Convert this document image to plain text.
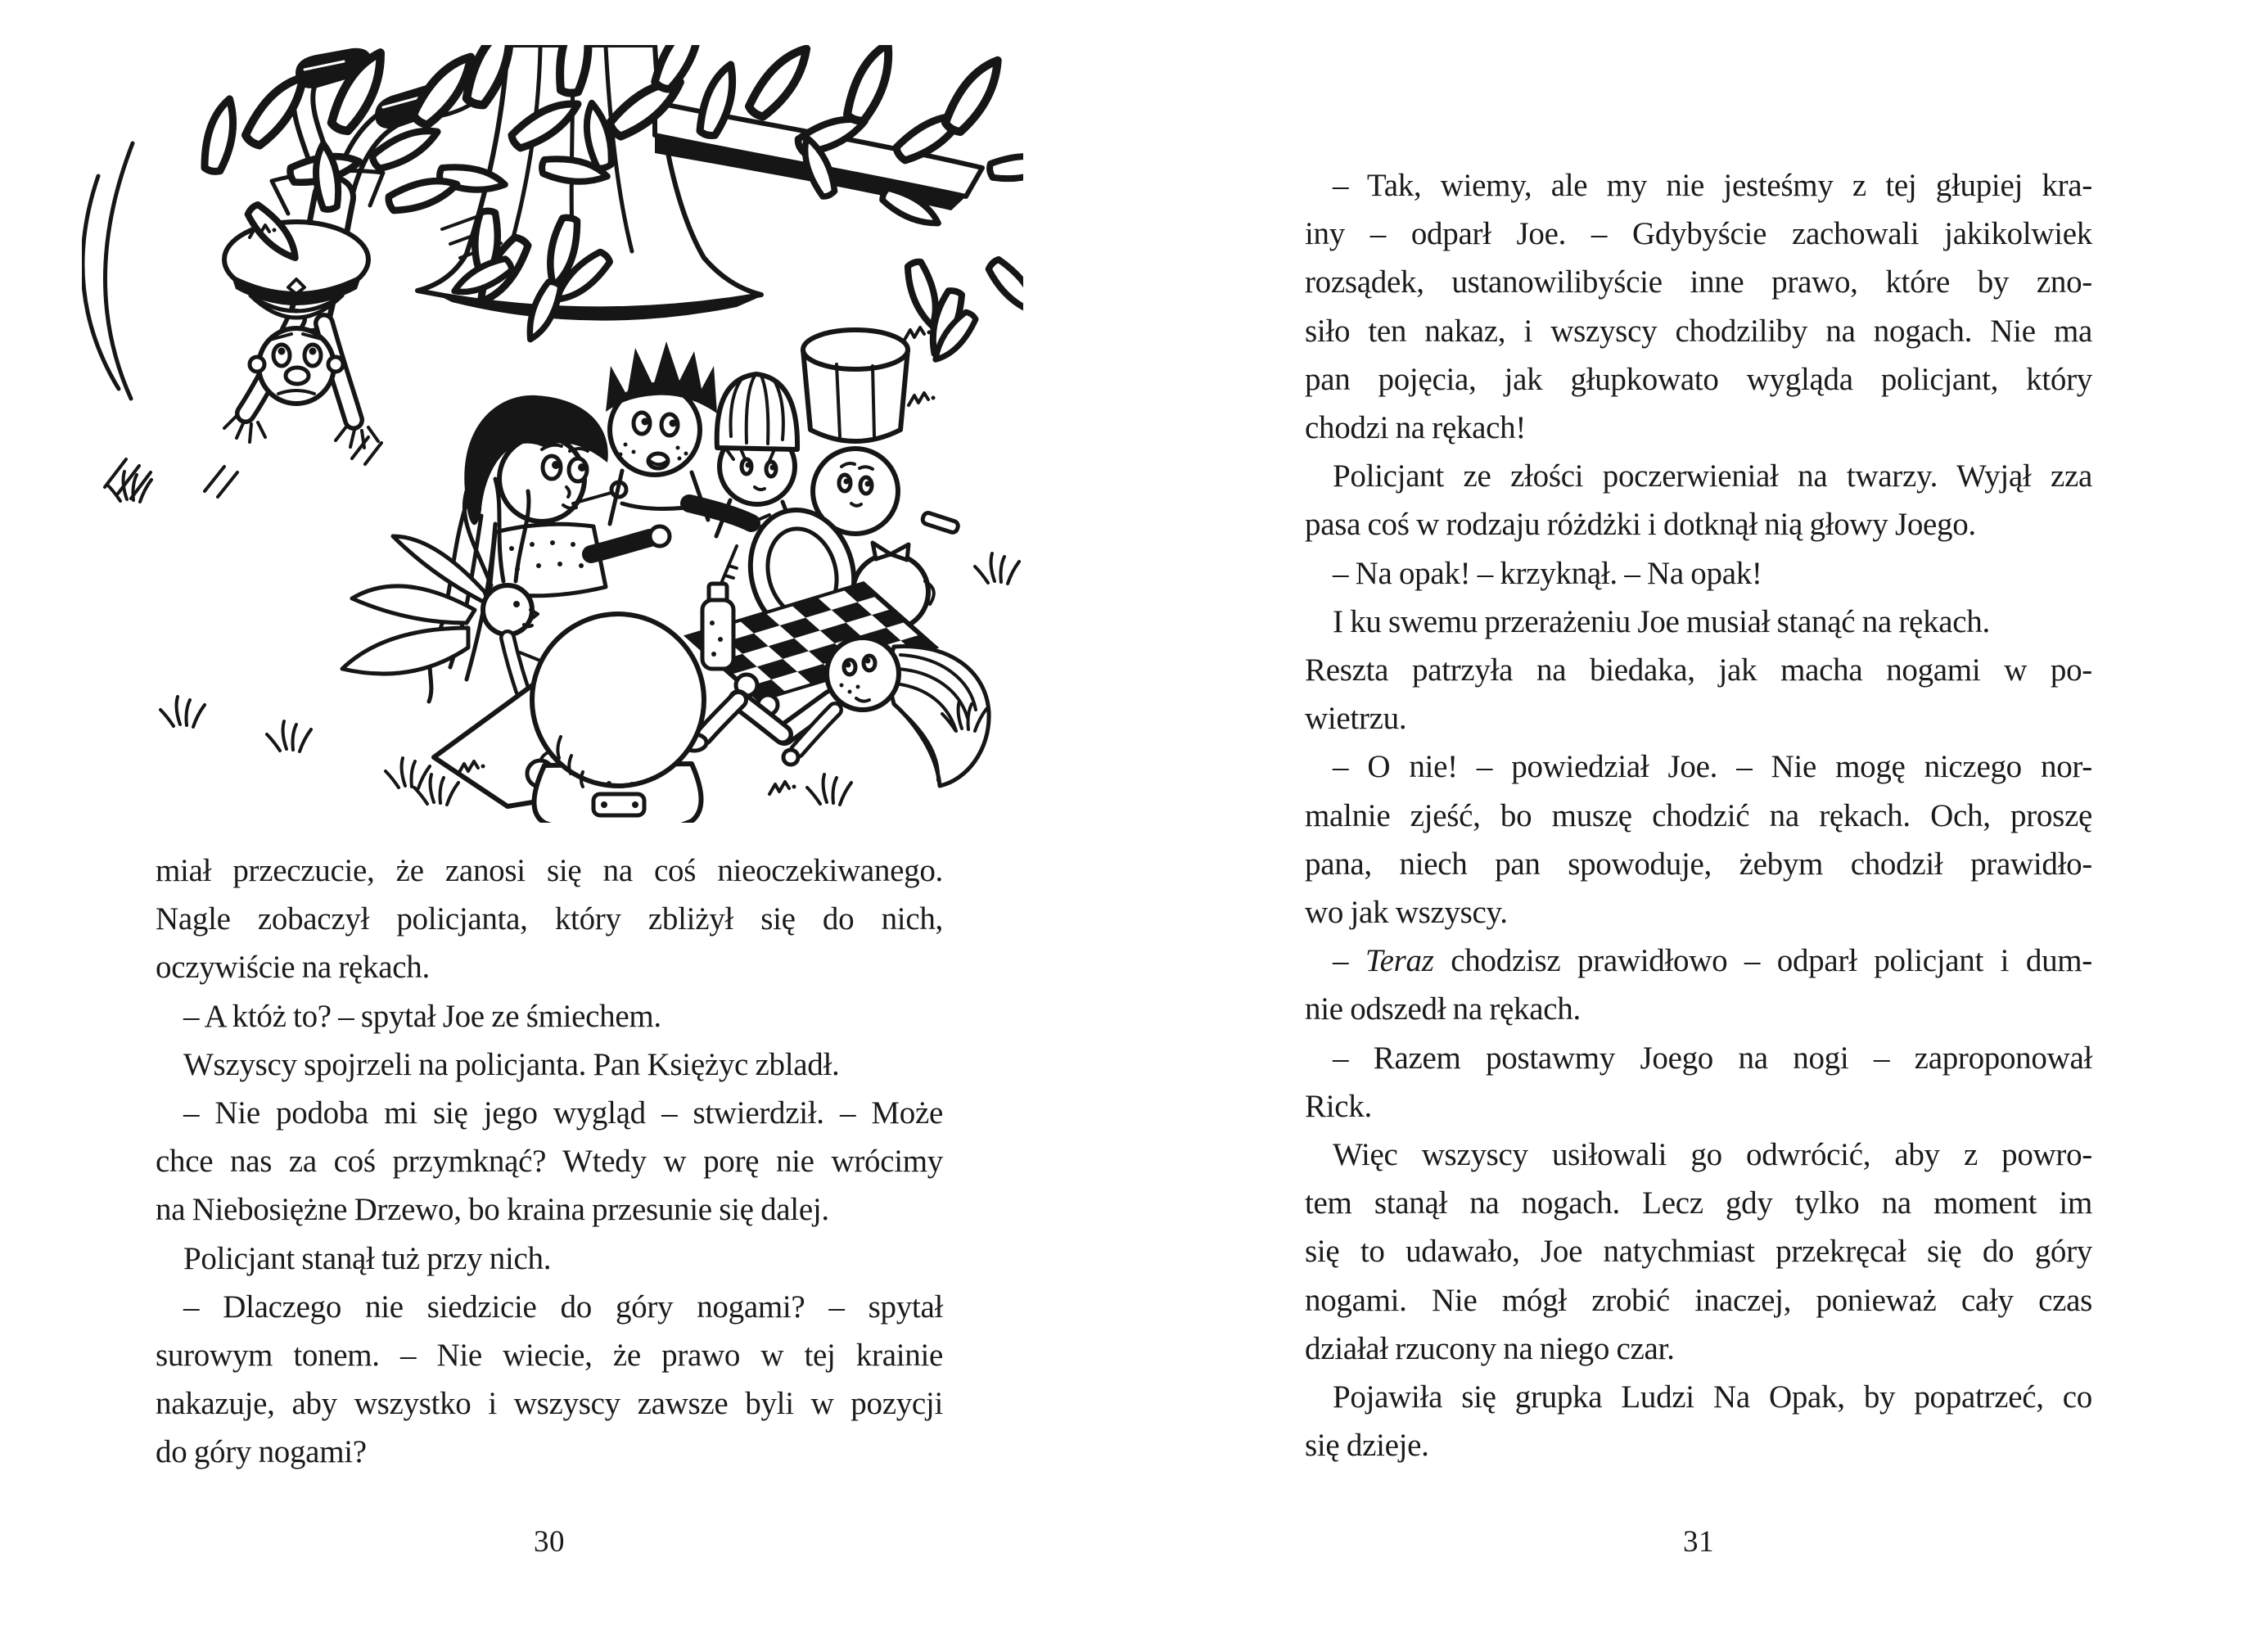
miał przeczucie, że zanosi się na coś nieoczekiwanego.
Nagle zobaczył policjanta, który zbliżył się do nich,
oczywiście na rękach.
– A któż to? – spytał Joe ze śmiechem.
Wszyscy spojrzeli na policjanta. Pan Księżyc zbladł.
– Nie podoba mi się jego wygląd – stwierdził. – Może
chce nas za coś przymknąć? Wtedy w porę nie wrócimy
na Niebosiężne Drzewo, bo kraina przesunie się dalej.
Policjant stanął tuż przy nich.
– Dlaczego nie siedzicie do góry nogami? – spytał
surowym tonem. – Nie wiecie, że prawo w tej krainie
nakazuje, aby wszystko i wszyscy zawsze byli w pozycji
do góry nogami?
30
– Tak, wiemy, ale my nie jesteśmy z tej głupiej kra-
iny – odparł Joe. – Gdybyście zachowali jakikolwiek
rozsądek, ustanowilibyście inne prawo, które by zno-
siło ten nakaz, i wszyscy chodziliby na nogach. Nie ma
pan pojęcia, jak głupkowato wygląda policjant, który
chodzi na rękach!
Policjant ze złości poczerwieniał na twarzy. Wyjął zza
pasa coś w rodzaju różdżki i dotknął nią głowy Joego.
– Na opak! – krzyknął. – Na opak!
I ku swemu przerażeniu Joe musiał stanąć na rękach.
Reszta patrzyła na biedaka, jak macha nogami w po-
wietrzu.
– O nie! – powiedział Joe. – Nie mogę niczego nor-
malnie zjeść, bo muszę chodzić na rękach. Och, proszę
pana, niech pan spowoduje, żebym chodził prawidło-
wo jak wszyscy.
– Teraz chodzisz prawidłowo – odparł policjant i dum-
nie odszedł na rękach.
– Razem postawmy Joego na nogi – zaproponował
Rick.
Więc wszyscy usiłowali go odwrócić, aby z powro-
tem stanął na nogach. Lecz gdy tylko na moment im
się to udawało, Joe natychmiast przekręcał się do góry
nogami. Nie mógł zrobić inaczej, ponieważ cały czas
działał rzucony na niego czar.
Pojawiła się grupka Ludzi Na Opak, by popatrzeć, co
się dzieje.
31
